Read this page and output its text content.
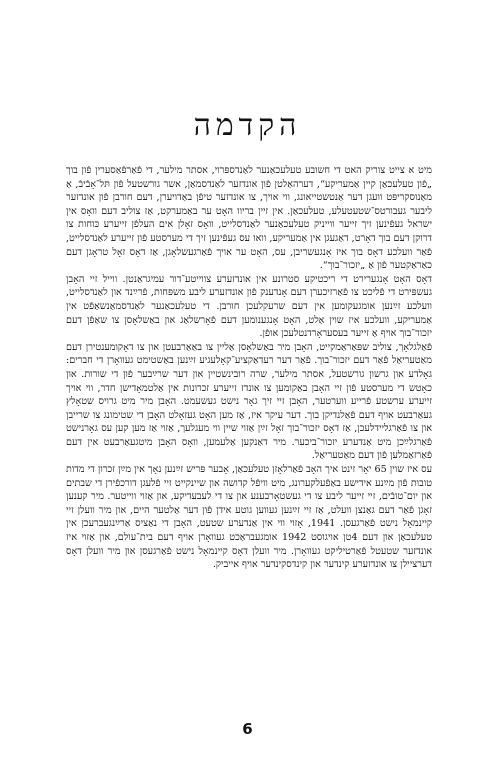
הקדמה

מיט א צייט צוריק האט די חשובע טעלעכאַנער לאַנדספּרוי, אסתר מילער, די פֿאַרפֿאַסערין פֿון בוך „פֿון טעלעכאַן קיין אַמעריקע“, דערהאַלטן פֿון אונדזער לאַנדסמאַן, אשר גורשטעל פֿון תּל־אָבֿיבֿ, אַ מאַנוסקריפּט וועגן דער אַנטשטייאונג, ווי אויך, צו אונדזער טיפֿן באַדויערן, דעם חורבן פֿון אונדזער ליבער געבורטס־שטעטעלע, טעלעכאַן. אין זיין בריוו האָט ער באַמערקט, אַז צוליב דעם וואָס אין ישראל געפֿינען זיך זייער ווייניק טעלעכאַנער לאַנדסלייט, וואָס זאָלן אים העלפֿן זייערע כּוחות צו דרוקן דעם בוך דאָרט, דאַגעגן אין אַמעריקע, וואו עס געפֿינען זיך די מערסטע פֿון זייערע לאַנדסלייט, פֿאַר וועלכע דאָס בוך איז אָנגעשריבן, עס, האָט ער אויך פֿאַרגעשלאָגן, אַז דאָס זאָל טראָגן דעם כאַראַקטער פֿון אַ „יזכור־בוך“.

דאָס האָט אָנגערירט די ריכטיקע סטרונע אין אונדזערע צווייטע־דור עמיגראַנטן. ווייל זיי האָבן געשפּירט די פֿליכט צו פֿאַרזיכערן דעם אָנדענק פֿון אונדזערע ליבע משפּחות, פֿרײַנד און לאַנדסלייט, וועלכע זײַנען אומגעקומען אין דעם שרעקלעכן חורבן. די טעלעכאַנער לאַנדסמאַנשאַפֿט אין אַמעריקע, וועלכע איז שוין אַלט, האָט אָנגענומען דעם פֿאָרשלאַג און באַשלאָסן צו שאַפֿן דעם יזכור־בוך אויף אַ זייער בעסעראָרדנטלעכן אופֿן.

פֿאַלגלאָך, צוליב שפּאַראַמקייט, האָבן מיר באַשלאָסן אַליין צו באַאַרבעטן און צו דאָקומענטירן דעם מאַטעריאַל פֿאַר דעם יזכור־בוך. פֿאַר דער רעדאַקציע־קאָלעגיע זײַנען באַשטימט געוואָרן די חברים: גאָלדע און גרשון גורשטעל, אסתר מילער, שרה רובינשטיין און דער שרײַבער פֿון די שורות. און כאָטש די מערסטע פֿון זיי האָבן באַקומען צו אונדז זייערע זכרונות אין אַלטמאָדישן חדר, ווי אויך זייערע ערשטע פֿרייע ווערטער, האָבן זיי זיך גאָר נישט געשעמט. האָבן מיר מיט גרויס שטאָלץ געאַרבעט אויף דעם פֿאַלנדיקן בוך. דער עיקר איז, אַז מען האָט געזאָלט האָבן די שטימונג צו שרייבן און צו פֿאַרגליידלעכן, אַז דאָס יזכור־בוך זאָל זײַן אַזוי שיין ווי מעגלעך, אַזוי אַז מען קען עס גאָרנישט פֿאַרגלײַכן מיט אַנדערע יזכור־ביכער. מיר דאַנקען אַלעמען, וואָס האָבן מיטגעאַרבעט אין דעם פֿאַרזאַמלען פֿון דעם מאַטעריאַל.

עס איז שוין 65 יאָר זינט איך האָב פֿאַרלאָזן טעלעכאַן, אָבער פּריש זײַנען נאָך אין מײַן זכרון די מדות טובות פֿון מײַנע אידישע באַפֿעלקערונג, מיט וויפֿל קדושה און שיינקייט זיי פֿלעגן דורכפֿירן די שבתים און יום־טובֿים, זיי זייער ליבע צו די געשטאָרבענע און צו די לעבעדיקע, און אַזוי ווייטער. מיר קענען זאָגן פֿאַר דעם גאַנצן וועלט, אַז זיי זײַנען געווען גוטע אידן פֿון דער אַלטער היים, און מיר וועלן זיי קיינמאָל נישט פֿאַרגעסן. 1941, אָזוי ווי אין אַנדערע שטעט, האָבן די נאַציס אַרײַנגעברעכן אין טעלעכאַן און דעם 4טן אויגוסט 1942 אומגעבראַכט געוואָרן אויף דעם בית־עולם, און אַזוי איז אונדזער שטעטל פֿאַרטיליקט געוואָרן. מיר וועלן דאָס קיינמאָל נישט פֿאַרגעסן און מיר וועלן דאָס דערציילן צו אונדזערע קינדער און קינדסקינדער אויף אייביק.

6
